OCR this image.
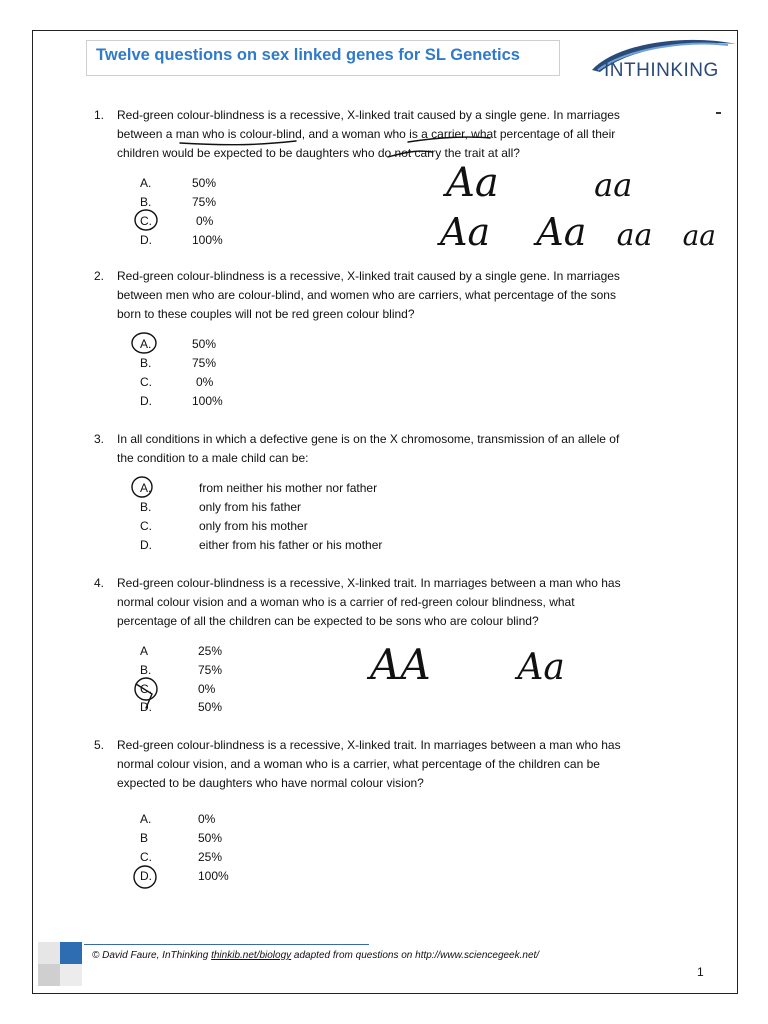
Twelve questions on sex linked genes for SL Genetics
INTHINKING
1. Red-green colour-blindness is a recessive, X-linked trait caused by a single gene. In marriages
between a man who is colour-blind, and a woman who is a carrier, what percentage of all their
children would be expected to be daughters who do not carry the trait at all?
A.	50%
B.	75%
C.	0%
D.	100%
2. Red-green colour-blindness is a recessive, X-linked trait caused by a single gene. In marriages
between men who are colour-blind, and women who are carriers, what percentage of the sons
born to these couples will not be red green colour blind?
A.	50%
B.	75%
C.	0%
D.	100%
3. In all conditions in which a defective gene is on the X chromosome, transmission of an allele of
the condition to a male child can be:
A.	from neither his mother nor father
B.	only from his father
C.	only from his mother
D.	either from his father or his mother
4. Red-green colour-blindness is a recessive, X-linked trait. In marriages between a man who has
normal colour vision and a woman who is a carrier of red-green colour blindness, what
percentage of all the children can be expected to be sons who are colour blind?
A	25%
B.	75%
C.	0%
D.	50%
5. Red-green colour-blindness is a recessive, X-linked trait. In marriages between a man who has
normal colour vision, and a woman who is a carrier, what percentage of the children can be
expected to be daughters who have normal colour vision?
A.	0%
B	50%
C.	25%
D.	100%
Aa	aa
Aa Aa aa aa
AA Aa
© David Faure, InThinking thinkib.net/biology adapted from questions on http://www.sciencegeek.net/
1
